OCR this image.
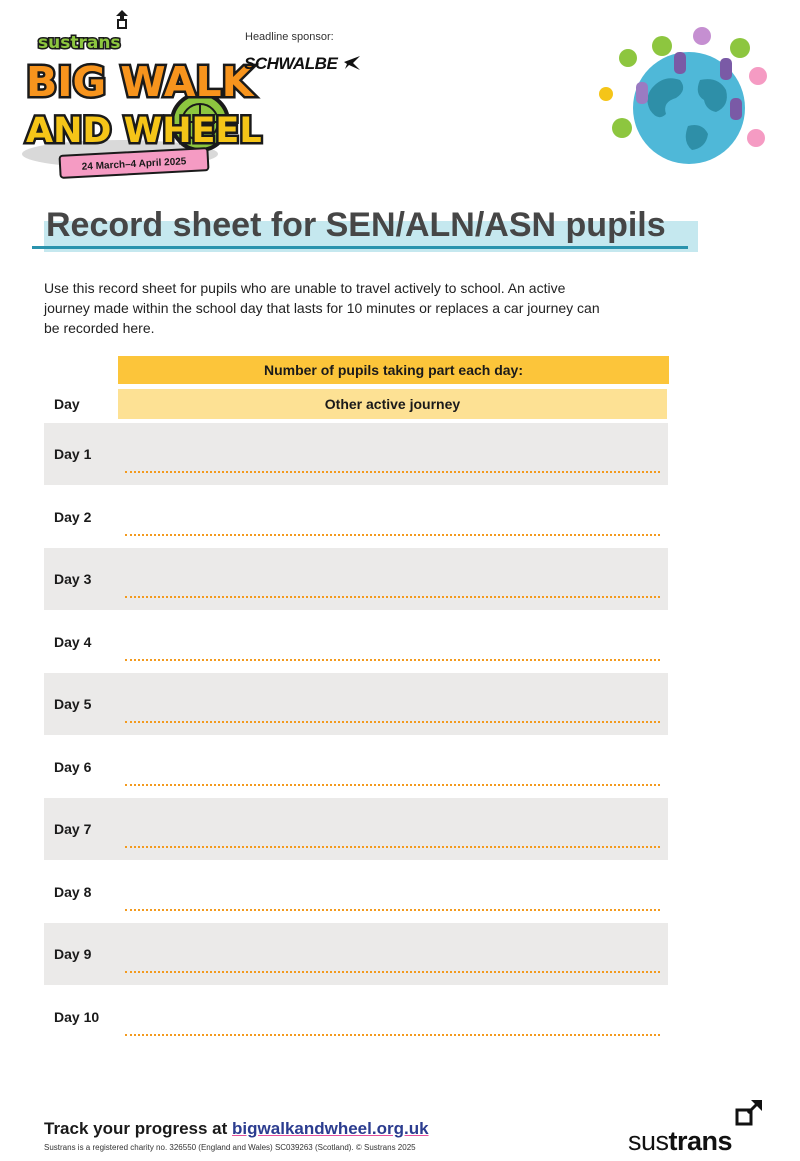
sustrans
BIG WALK
AND WHEEL
24 March–4 April 2025
Headline sponsor:
SCHWALBE
Record sheet for SEN/ALN/ASN pupils

Use this record sheet for pupils who are unable to travel actively to school. An active journey made within the school day that lasts for 10 minutes or replaces a car journey can be recorded here.

Number of pupils taking part each day:
Day	Other active journey
Day 1
Day 2
Day 3
Day 4
Day 5
Day 6
Day 7
Day 8
Day 9
Day 10
Track your progress at bigwalkandwheel.org.uk
Sustrans is a registered charity no. 326550 (England and Wales) SC039263 (Scotland). © Sustrans 2025	sustrans
